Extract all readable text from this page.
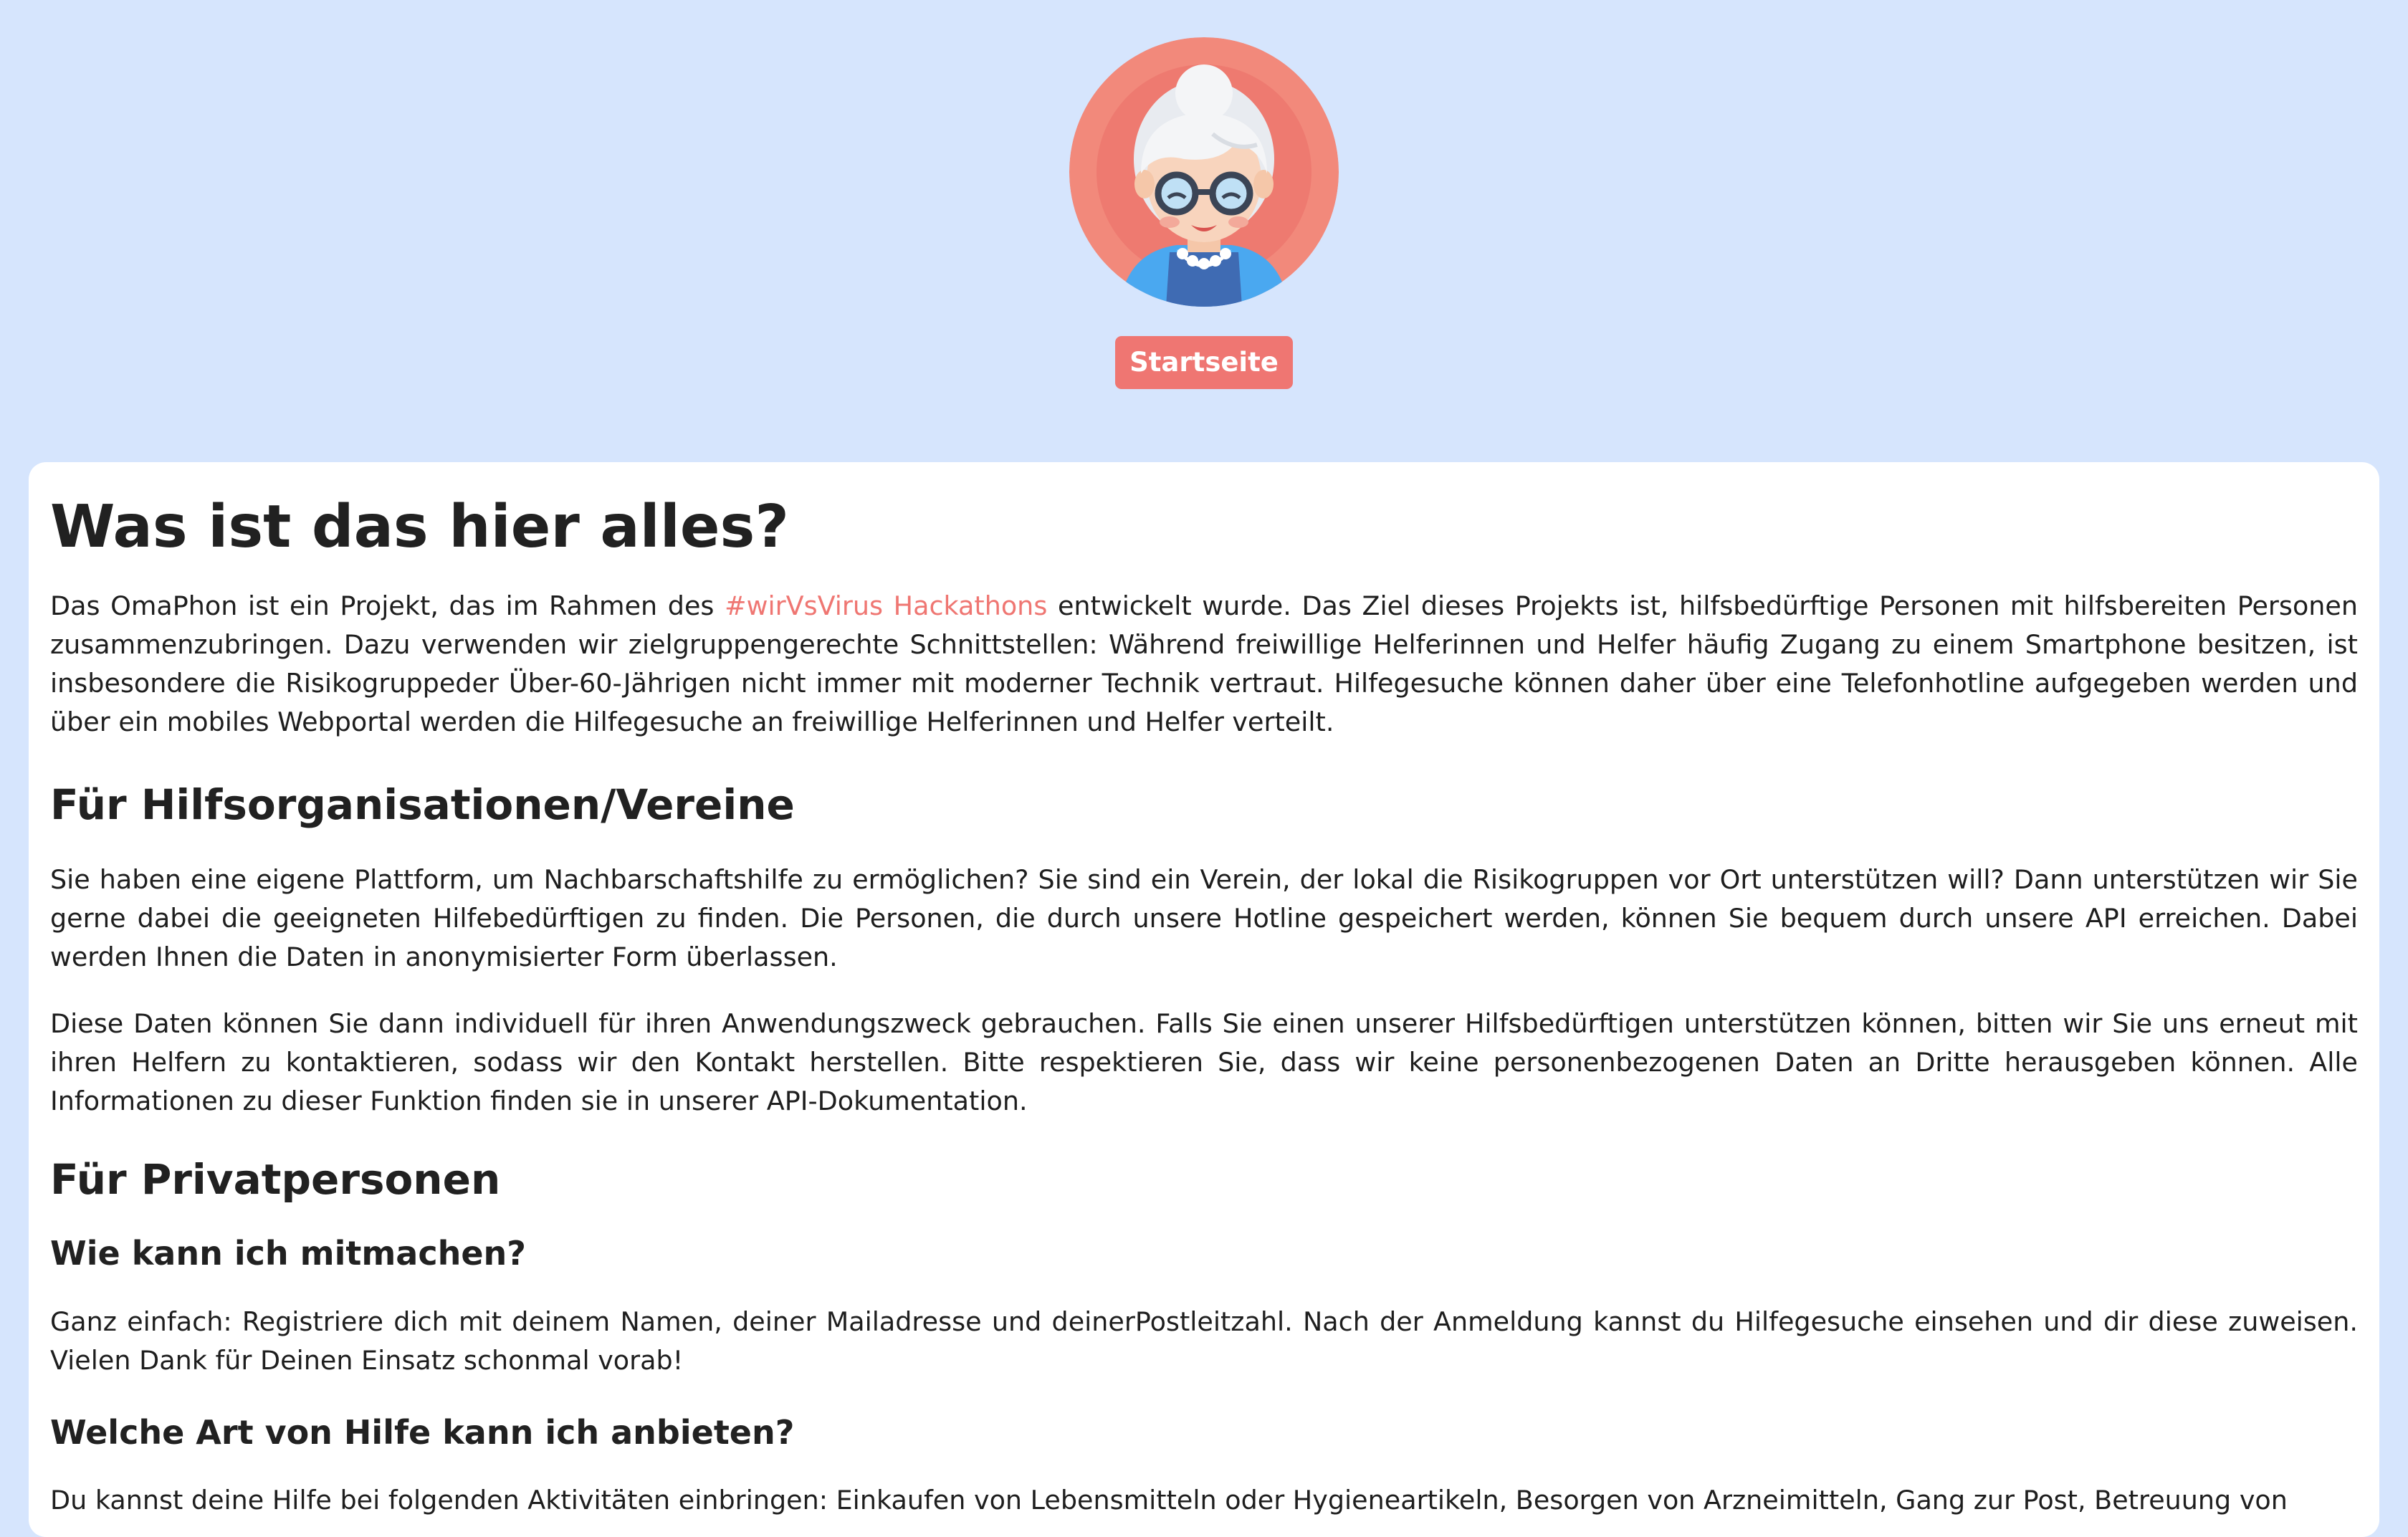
Startseite
Was ist das hier alles?

Das OmaPhon ist ein Projekt, das im Rahmen des #wirVsVirus Hackathons entwickelt wurde. Das Ziel dieses Projekts ist, hilfsbedürftige Personen mit hilfsbereiten Personen zusammenzubringen. Dazu verwenden wir zielgruppengerechte Schnittstellen: Während freiwillige Helferinnen und Helfer häufig Zugang zu einem Smartphone besitzen, ist insbesondere die Risikogruppeder Über-60-Jährigen nicht immer mit moderner Technik vertraut. Hilfegesuche können daher über eine Telefonhotline aufgegeben werden und über ein mobiles Webportal werden die Hilfegesuche an freiwillige Helferinnen und Helfer verteilt.

Für Hilfsorganisationen/Vereine

Sie haben eine eigene Plattform, um Nachbarschaftshilfe zu ermöglichen? Sie sind ein Verein, der lokal die Risikogruppen vor Ort unterstützen will? Dann unterstützen wir Sie gerne dabei die geeigneten Hilfebedürftigen zu finden. Die Personen, die durch unsere Hotline gespeichert werden, können Sie bequem durch unsere API erreichen. Dabei werden Ihnen die Daten in anonymisierter Form überlassen.

Diese Daten können Sie dann individuell für ihren Anwendungszweck gebrauchen. Falls Sie einen unserer Hilfsbedürftigen unterstützen können, bitten wir Sie uns erneut mit ihren Helfern zu kontaktieren, sodass wir den Kontakt herstellen. Bitte respektieren Sie, dass wir keine personenbezogenen Daten an Dritte herausgeben können. Alle Informationen zu dieser Funktion finden sie in unserer API-Dokumentation.

Für Privatpersonen
Wie kann ich mitmachen?

Ganz einfach: Registriere dich mit deinem Namen, deiner Mailadresse und deinerPostleitzahl. Nach der Anmeldung kannst du Hilfegesuche einsehen und dir diese zuweisen. Vielen Dank für Deinen Einsatz schonmal vorab!

Welche Art von Hilfe kann ich anbieten?

Du kannst deine Hilfe bei folgenden Aktivitäten einbringen: Einkaufen von Lebensmitteln oder Hygieneartikeln, Besorgen von Arzneimitteln, Gang zur Post, Betreuung von
